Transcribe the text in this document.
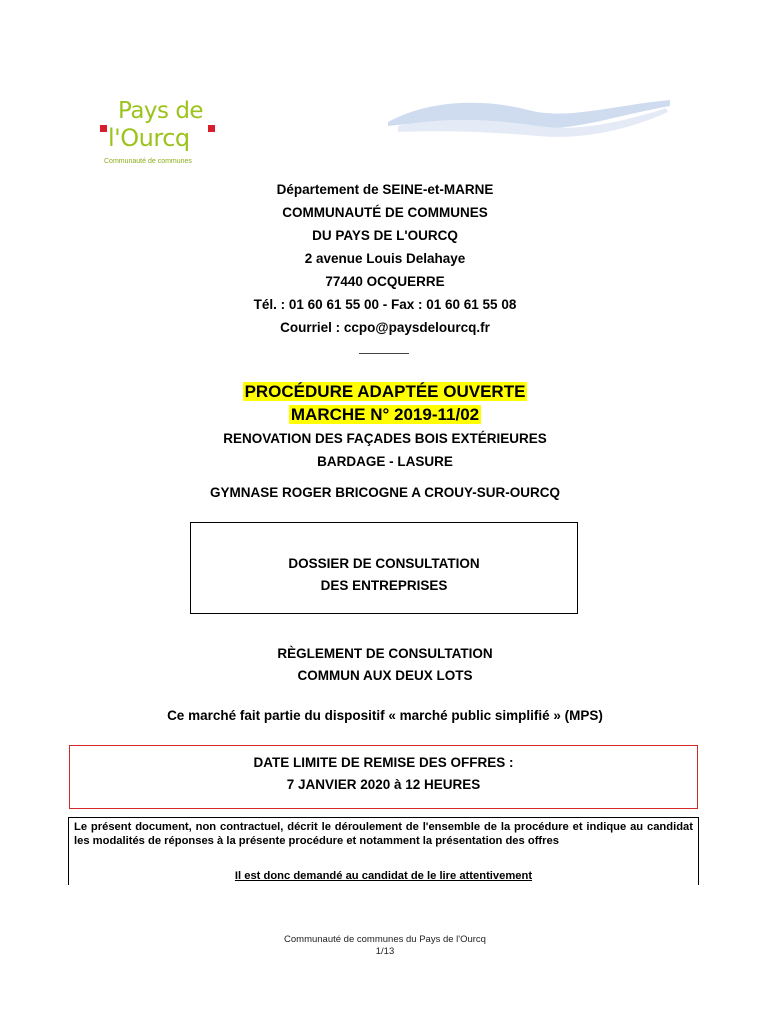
Pays de
l'Ourcq
Communauté de communes
Département de SEINE-et-MARNE
COMMUNAUTÉ DE COMMUNES
DU PAYS DE L'OURCQ
2 avenue Louis Delahaye
77440 OCQUERRE
Tél. : 01 60 61 55 00 - Fax : 01 60 61 55 08
Courriel : ccpo@paysdelourcq.fr
PROCÉDURE ADAPTÉE OUVERTE
MARCHE N° 2019-11/02
RENOVATION DES FAÇADES BOIS EXTÉRIEURES
BARDAGE - LASURE
GYMNASE ROGER BRICOGNE A CROUY-SUR-OURCQ
DOSSIER DE CONSULTATION
DES ENTREPRISES
RÈGLEMENT DE CONSULTATION
COMMUN AUX DEUX LOTS
Ce marché fait partie du dispositif « marché public simplifié » (MPS)
DATE LIMITE DE REMISE DES OFFRES :
7 JANVIER 2020 à 12 HEURES
Le présent document, non contractuel, décrit le déroulement de l'ensemble de la procédure et indique au candidat les modalités de réponses à la présente procédure et notamment la présentation des offres
Il est donc demandé au candidat de le lire attentivement
Communauté de communes du Pays de l'Ourcq
1/13
